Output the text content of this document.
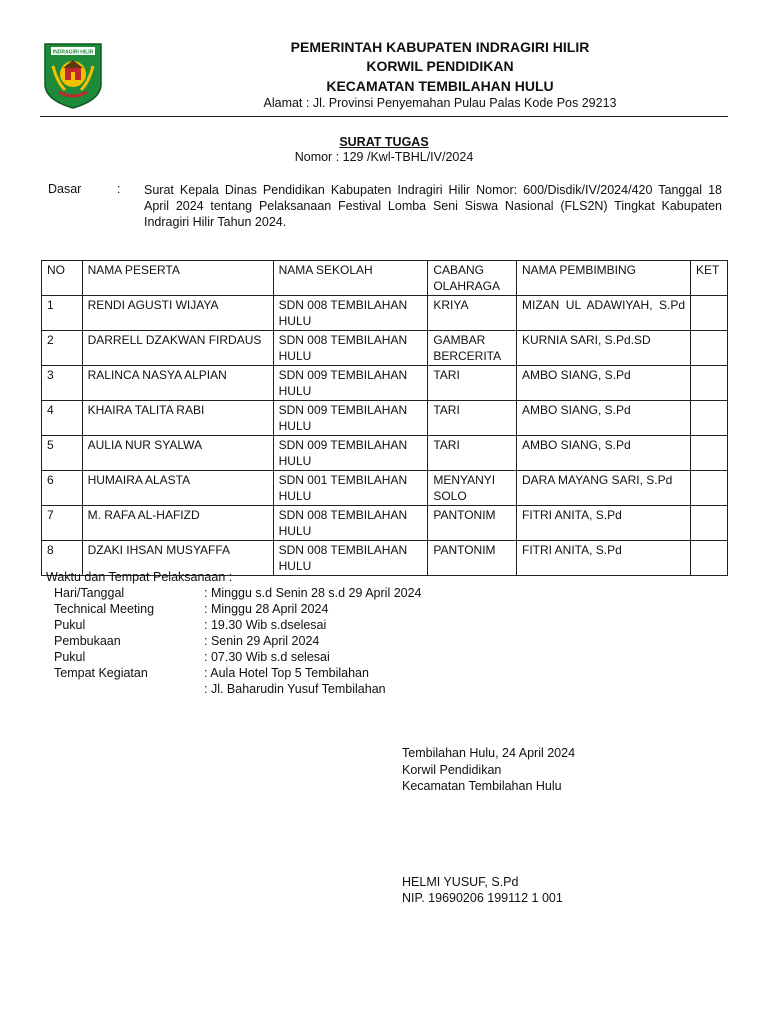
INDRAGIRI HILIR	PEMERINTAH KABUPATEN INDRAGIRI HILIR
KORWIL PENDIDIKAN
KECAMATAN TEMBILAHAN HULU
Alamat : Jl. Provinsi Penyemahan Pulau Palas Kode Pos 29213
SURAT TUGAS
Nomor : 129 /Kwl-TBHL/IV/2024
Dasar	: Surat Kepala Dinas Pendidikan Kabupaten Indragiri Hilir Nomor: 600/Disdik/IV/2024/420 Tanggal 18 April 2024 tentang Pelaksanaan Festival Lomba Seni Siswa Nasional (FLS2N) Tingkat Kabupaten Indragiri Hilir Tahun 2024.
NO	NAMA PESERTA	NAMA SEKOLAH	CABANG OLAHRAGA	NAMA PEMBIMBING	KET
1	RENDI AGUSTI WIJAYA	SDN 008 TEMBILAHAN HULU	KRIYA	MIZAN UL ADAWIYAH, S.Pd	
2	DARRELL DZAKWAN FIRDAUS	SDN 008 TEMBILAHAN HULU	GAMBAR BERCERITA	KURNIA SARI, S.Pd.SD	
3	RALINCA NASYA ALPIAN	SDN 009 TEMBILAHAN HULU	TARI	AMBO SIANG, S.Pd	
4	KHAIRA TALITA RABI	SDN 009 TEMBILAHAN HULU	TARI	AMBO SIANG, S.Pd	
5	AULIA NUR SYALWA	SDN 009 TEMBILAHAN HULU	TARI	AMBO SIANG, S.Pd	
6	HUMAIRA ALASTA	SDN 001 TEMBILAHAN HULU	MENYANYI SOLO	DARA MAYANG SARI, S.Pd	
7	M. RAFA AL-HAFIZD	SDN 008 TEMBILAHAN HULU	PANTONIM	FITRI ANITA, S.Pd	
8	DZAKI IHSAN MUSYAFFA	SDN 008 TEMBILAHAN HULU	PANTONIM	FITRI ANITA, S.Pd	
Waktu dan Tempat Pelaksanaan :
Hari/Tanggal	: Minggu s.d Senin 28 s.d 29 April 2024
Technical Meeting	: Minggu 28 April 2024
Pukul	: 19.30 Wib s.dselesai
Pembukaan	: Senin 29 April 2024
Pukul	: 07.30 Wib s.d selesai
Tempat Kegiatan	: Aula Hotel Top 5 Tembilahan
: Jl. Baharudin Yusuf Tembilahan
Tembilahan Hulu, 24 April 2024
Korwil Pendidikan
Kecamatan Tembilahan Hulu
HELMI YUSUF, S.Pd
NIP. 19690206 199112 1 001
